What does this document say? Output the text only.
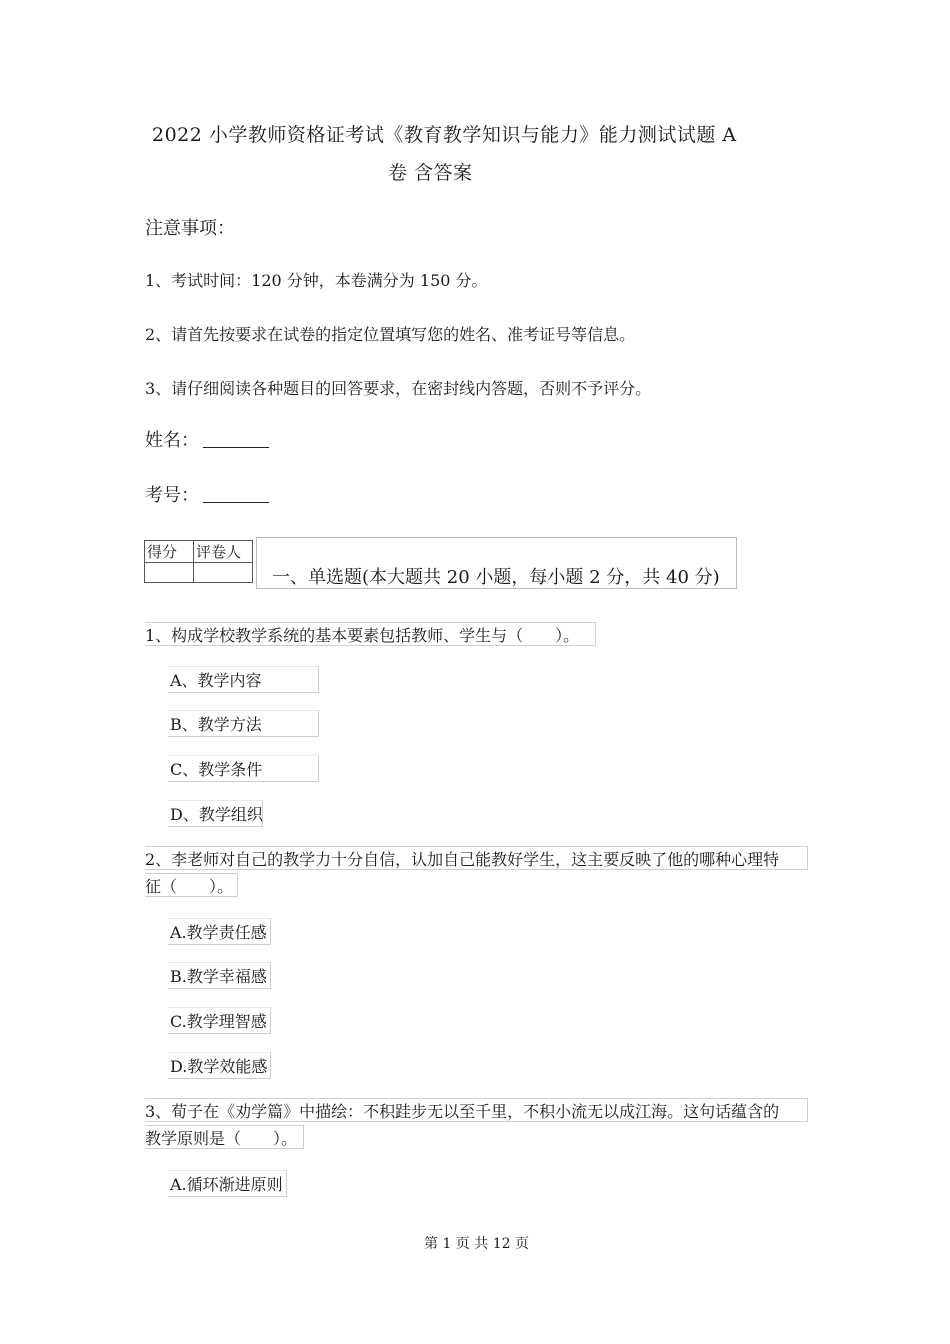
2022 小学教师资格证考试《教育教学知识与能力》能力测试试题 A
卷 含答案
注意事项：
1、考试时间：120 分钟，本卷满分为 150 分。
2、请首先按要求在试卷的指定位置填写您的姓名、准考证号等信息。
3、请仔细阅读各种题目的回答要求，在密封线内答题，否则不予评分。
姓名：
考号：
得分	评卷人

一、单选题(本大题共 20 小题，每小题 2 分，共 40 分)
1、构成学校教学系统的基本要素包括教师、学生与（　　）。
A、教学内容
B、教学方法
C、教学条件
D、教学组织
2、李老师对自己的教学力十分自信，认加自己能教好学生，这主要反映了他的哪种心理特
征（　　）。
A.教学责任感
B.教学幸福感
C.教学理智感
D.教学效能感
3、荀子在《劝学篇》中描绘：不积跬步无以至千里，不积小流无以成江海。这句话蕴含的
教学原则是（　　）。
A.循环渐进原则
第 1 页 共 12 页
